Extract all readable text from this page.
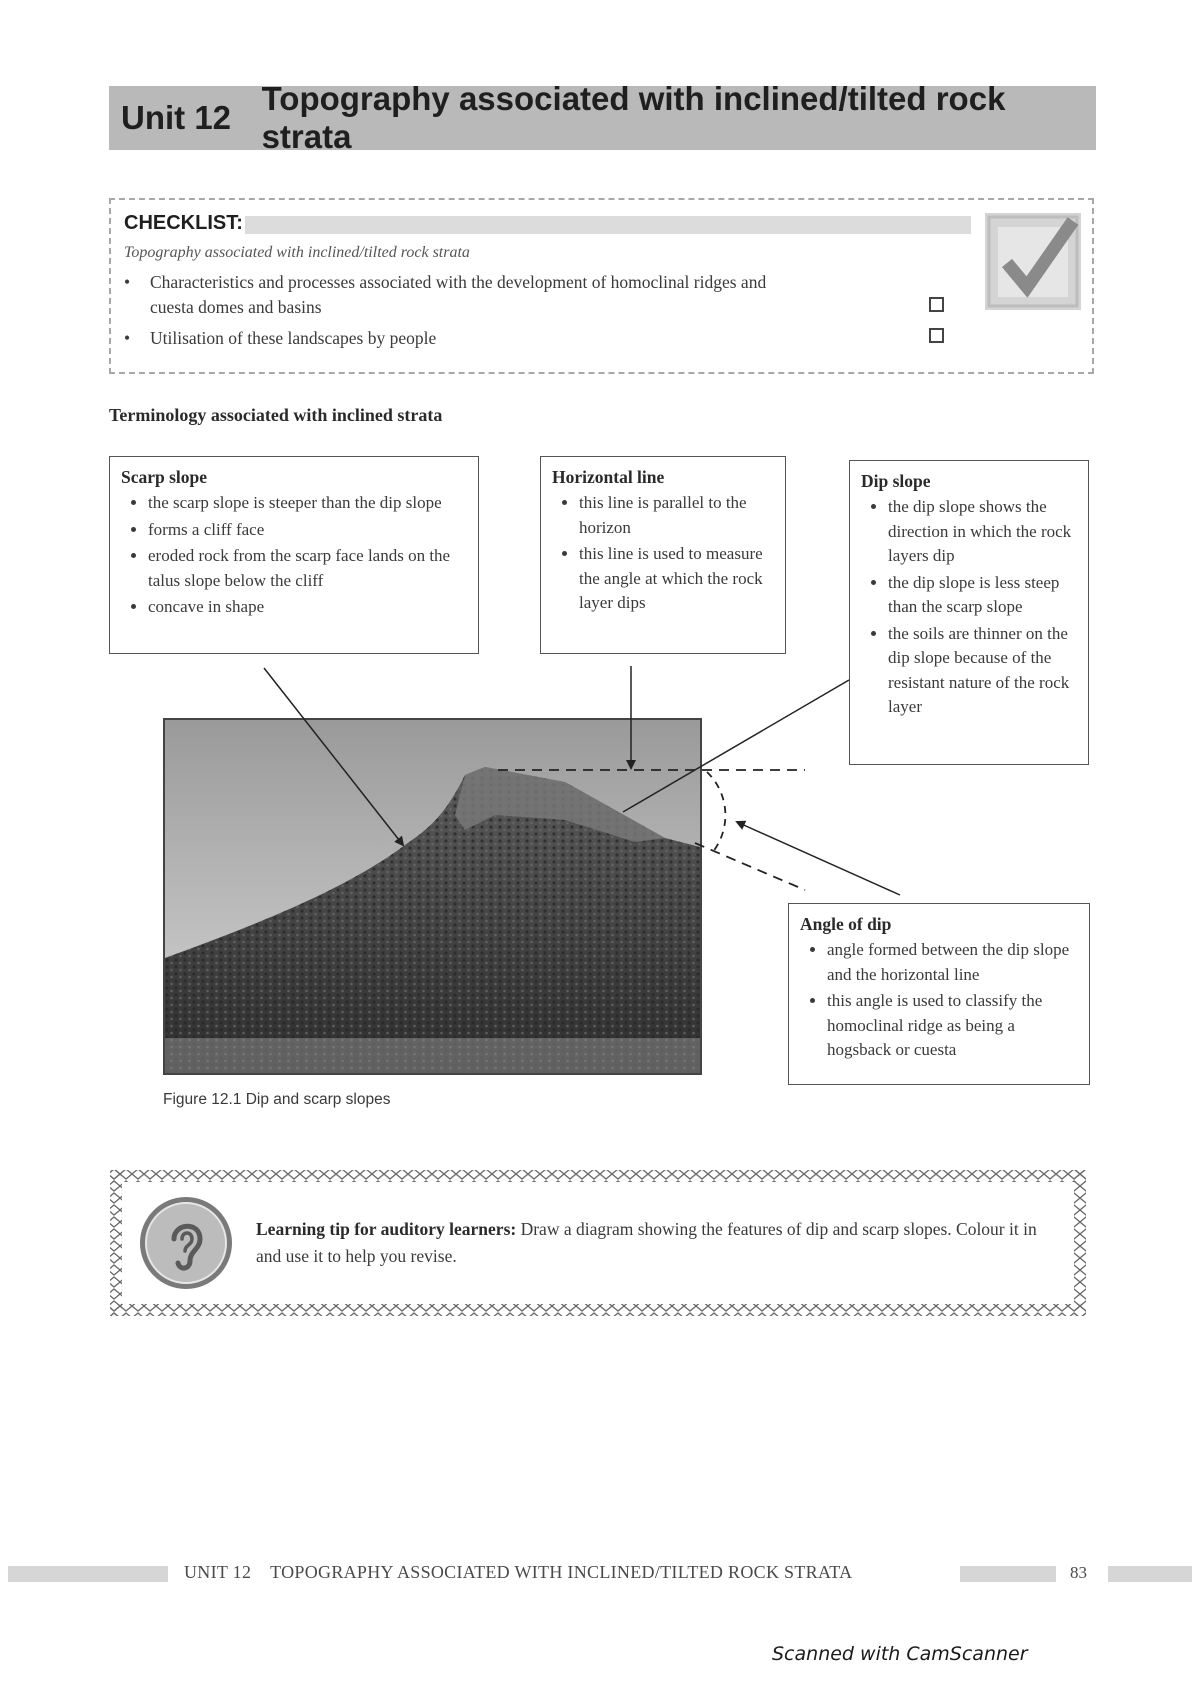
Unit 12
Topography associated with inclined/tilted rock strata
CHECKLIST:
Topography associated with inclined/tilted rock strata
• Characteristics and processes associated with the development of homoclinal ridges and
cuesta domes and basins
• Utilisation of these landscapes by people
Terminology associated with inclined strata
Scarp slope
• the scarp slope is steeper than the dip slope
• forms a cliff face
• eroded rock from the scarp face lands on the talus slope below the cliff
• concave in shape
Horizontal line
• this line is parallel to the horizon
• this line is used to measure the angle at which the rock layer dips
Dip slope
• the dip slope shows the direction in which the rock layers dip
• the dip slope is less steep than the scarp slope
• the soils are thinner on the dip slope because of the resistant nature of the rock layer
Angle of dip
• angle formed between the dip slope and the horizontal line
• this angle is used to classify the homoclinal ridge as being a hogsback or cuesta
Figure 12.1 Dip and scarp slopes
Learning tip for auditory learners: Draw a diagram showing the features of dip and scarp slopes. Colour it in and use it to help you revise.
UNIT 12    TOPOGRAPHY ASSOCIATED WITH INCLINED/TILTED ROCK STRATA	83
Scanned with CamScanner
